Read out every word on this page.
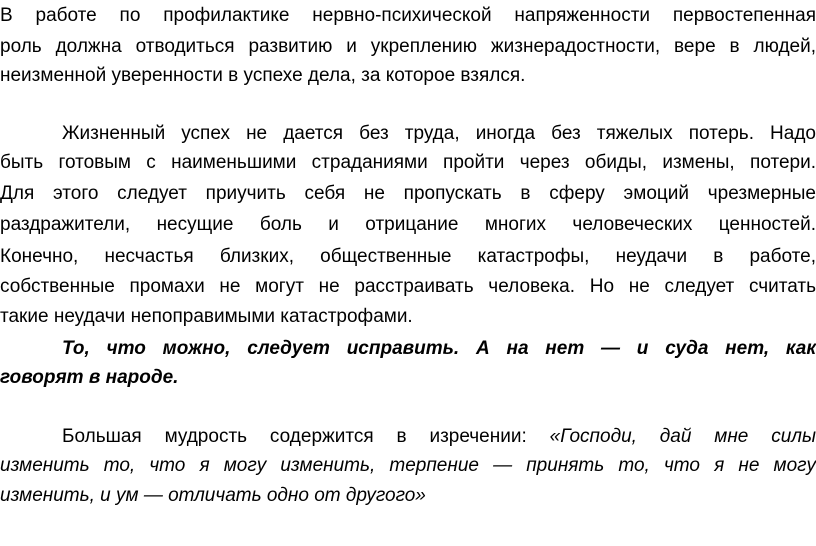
В работе по профилактике нервно-психической напряженности первостепенная
роль должна отводиться развитию и укреплению жизнерадостности, вере в людей,
неизменной уверенности в успехе дела, за которое взялся.
Жизненный успех не дается без труда, иногда без тяжелых потерь. Надо
быть готовым с наименьшими страданиями пройти через обиды, измены, потери.
Для этого следует приучить себя не пропускать в сферу эмоций чрезмерные
раздражители, несущие боль и отрицание многих человеческих ценностей.
Конечно, несчастья близких, общественные катастрофы, неудачи в работе,
собственные промахи не могут не расстраивать человека. Но не следует считать
такие неудачи непоправимыми катастрофами.
То, что можно, следует исправить. А на нет — и суда нет, как
говорят в народе.
Большая мудрость содержится в изречении: «Господи, дай мне силы
изменить то, что я могу изменить, терпение — принять то, что я не могу
изменить, и ум — отличать одно от другого»
